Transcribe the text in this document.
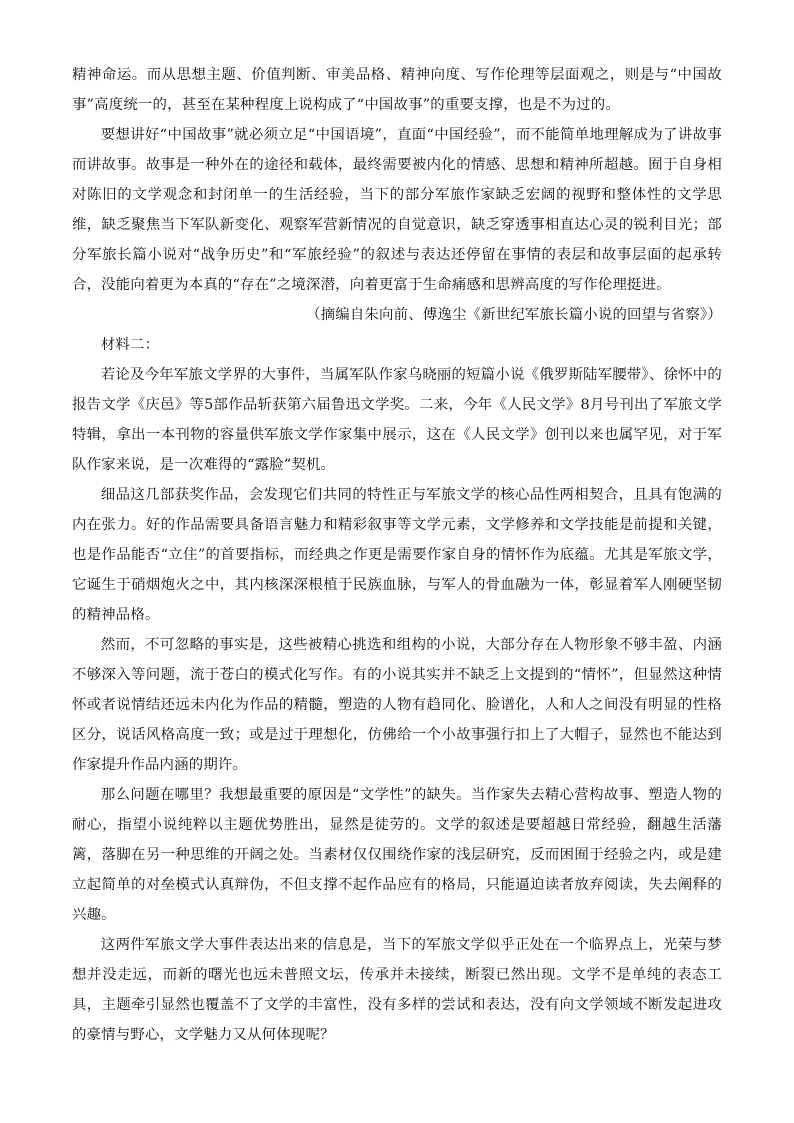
精神命运。而从思想主题、价值判断、审美品格、精神向度、写作伦理等层面观之，则是与“中国故事”高度统一的，甚至在某种程度上说构成了“中国故事”的重要支撑，也是不为过的。

要想讲好“中国故事”就必须立足“中国语境”，直面“中国经验”，而不能简单地理解成为了讲故事而讲故事。故事是一种外在的途径和载体，最终需要被内化的情感、思想和精神所超越。囿于自身相对陈旧的文学观念和封闭单一的生活经验，当下的部分军旅作家缺乏宏阔的视野和整体性的文学思维，缺乏聚焦当下军队新变化、观察军营新情况的自觉意识，缺乏穿透事相直达心灵的锐利目光；部分军旅长篇小说对“战争历史”和“军旅经验”的叙述与表达还停留在事情的表层和故事层面的起承转合，没能向着更为本真的“存在”之境深潜，向着更富于生命痛感和思辨高度的写作伦理挺进。

（摘编自朱向前、傅逸尘《新世纪军旅长篇小说的回望与省察》）

材料二：

若论及今年军旅文学界的大事件，当属军队作家乌晓丽的短篇小说《俄罗斯陆军腰带》、徐怀中的报告文学《庆邑》等5部作品斩获第六届鲁迅文学奖。二来，今年《人民文学》8月号刊出了军旅文学特辑，拿出一本刊物的容量供军旅文学作家集中展示，这在《人民文学》创刊以来也属罕见，对于军队作家来说，是一次难得的“露脸”契机。

细品这几部获奖作品，会发现它们共同的特性正与军旅文学的核心品性两相契合，且具有饱满的内在张力。好的作品需要具备语言魅力和精彩叙事等文学元素，文学修养和文学技能是前提和关键，也是作品能否“立住”的首要指标，而经典之作更是需要作家自身的情怀作为底蕴。尤其是军旅文学，它诞生于硝烟炮火之中，其内核深深根植于民族血脉，与军人的骨血融为一体，彰显着军人刚硬坚韧的精神品格。

然而，不可忽略的事实是，这些被精心挑选和组构的小说，大部分存在人物形象不够丰盈、内涵不够深入等问题，流于苍白的模式化写作。有的小说其实并不缺乏上文提到的“情怀”，但显然这种情怀或者说情结还远未内化为作品的精髓，塑造的人物有趋同化、脸谱化，人和人之间没有明显的性格区分，说话风格高度一致；或是过于理想化，仿佛给一个小故事强行扣上了大帽子，显然也不能达到作家提升作品内涵的期许。

那么问题在哪里？我想最重要的原因是“文学性”的缺失。当作家失去精心营构故事、塑造人物的耐心，指望小说纯粹以主题优势胜出，显然是徒劳的。文学的叙述是要超越日常经验，翻越生活藩篱，落脚在另一种思维的开阔之处。当素材仅仅围绕作家的浅层研究，反而困囿于经验之内，或是建立起简单的对垒模式认真辩伪，不但支撑不起作品应有的格局，只能逼迫读者放弃阅读，失去阐释的兴趣。

这两件军旅文学大事件表达出来的信息是，当下的军旅文学似乎正处在一个临界点上，光荣与梦想并没走远，而新的曙光也远未普照文坛，传承并未接续，断裂已然出现。文学不是单纯的表态工具，主题牵引显然也覆盖不了文学的丰富性，没有多样的尝试和表达，没有向文学领域不断发起进攻的豪情与野心，文学魅力又从何体现呢？
